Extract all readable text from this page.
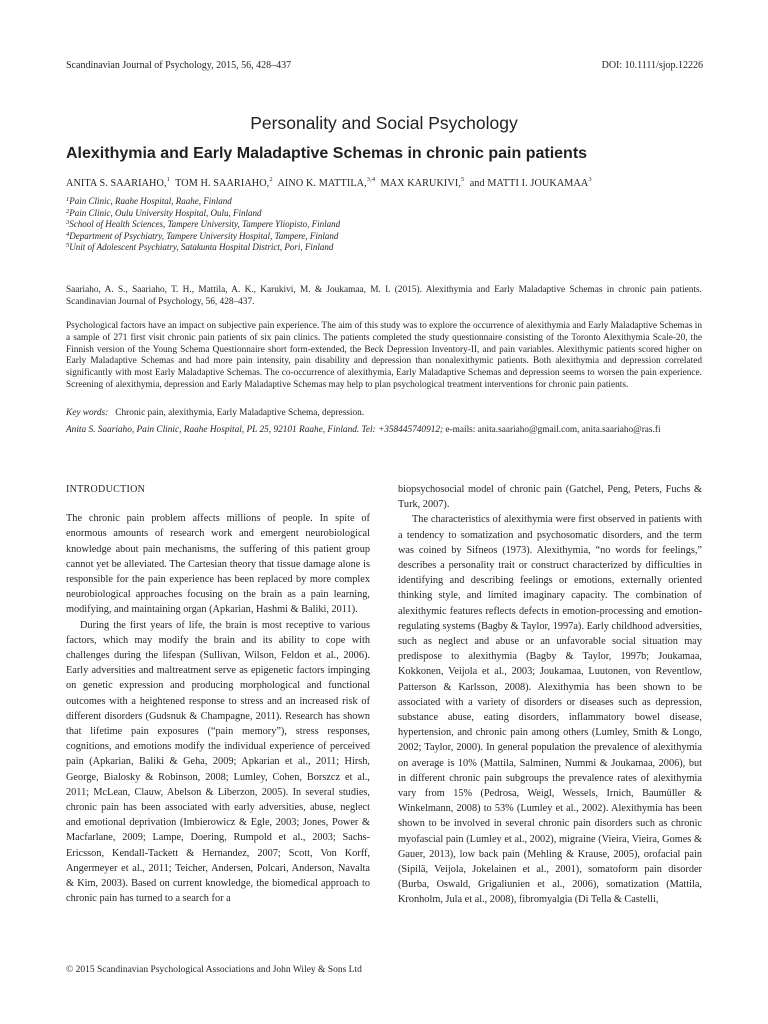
Scandinavian Journal of Psychology, 2015, 56, 428–437	DOI: 10.1111/sjop.12226
Personality and Social Psychology
Alexithymia and Early Maladaptive Schemas in chronic pain patients
ANITA S. SAARIAHO,$^1$ TOM H. SAARIAHO,$^2$ AINO K. MATTILA,$^{3,4}$ MAX KARUKIVI,$^5$ and MATTI I. JOUKAMAA$^3$
$^1$Pain Clinic, Raahe Hospital, Raahe, Finland
$^2$Pain Clinic, Oulu University Hospital, Oulu, Finland
$^3$School of Health Sciences, Tampere University, Tampere Yliopisto, Finland
$^4$Department of Psychiatry, Tampere University Hospital, Tampere, Finland
$^5$Unit of Adolescent Psychiatry, Satakunta Hospital District, Pori, Finland
Saariaho, A. S., Saariaho, T. H., Mattila, A. K., Karukivi, M. & Joukamaa, M. I. (2015). Alexithymia and Early Maladaptive Schemas in chronic pain patients. Scandinavian Journal of Psychology, 56, 428–437.
Psychological factors have an impact on subjective pain experience. The aim of this study was to explore the occurrence of alexithymia and Early Maladaptive Schemas in a sample of 271 first visit chronic pain patients of six pain clinics. The patients completed the study questionnaire consisting of the Toronto Alexithymia Scale-20, the Finnish version of the Young Schema Questionnaire short form-extended, the Beck Depression Inventory-II, and pain variables. Alexithymic patients scored higher on Early Maladaptive Schemas and had more pain intensity, pain disability and depression than nonalexithymic patients. Both alexithymia and depression correlated significantly with most Early Maladaptive Schemas. The co-occurrence of alexithymia, Early Maladaptive Schemas and depression seems to worsen the pain experience. Screening of alexithymia, depression and Early Maladaptive Schemas may help to plan psychological treatment interventions for chronic pain patients.
Key words: Chronic pain, alexithymia, Early Maladaptive Schema, depression.
Anita S. Saariaho, Pain Clinic, Raahe Hospital, PL 25, 92101 Raahe, Finland. Tel: +358445740912; e-mails: anita.saariaho@gmail.com, anita.saariaho@ras.fi
INTRODUCTION

The chronic pain problem affects millions of people. In spite of enormous amounts of research work and emergent neurobiological knowledge about pain mechanisms, the suffering of this patient group cannot yet be alleviated. The Cartesian theory that tissue damage alone is responsible for the pain experience has been replaced by more complex neurobiological approaches focusing on the brain as a pain learning, modifying, and maintaining organ (Apkarian, Hashmi & Baliki, 2011).

During the first years of life, the brain is most receptive to various factors, which may modify the brain and its ability to cope with challenges during the lifespan (Sullivan, Wilson, Feldon et al., 2006). Early adversities and maltreatment serve as epigenetic factors impinging on genetic expression and producing morphological and functional outcomes with a heightened response to stress and an increased risk of different disorders (Gudsnuk & Champagne, 2011). Research has shown that lifetime pain exposures (“pain memory”), stress responses, cognitions, and emotions modify the individual experience of perceived pain (Apkarian, Baliki & Geha, 2009; Apkarian et al., 2011; Hirsh, George, Bialosky & Robinson, 2008; Lumley, Cohen, Borszcz et al., 2011; McLean, Clauw, Abelson & Liberzon, 2005). In several studies, chronic pain has been associated with early adversities, abuse, neglect and emotional deprivation (Imbierowicz & Egle, 2003; Jones, Power & Macfarlane, 2009; Lampe, Doering, Rumpold et al., 2003; Sachs-Ericsson, Kendall-Tackett & Hernandez, 2007; Scott, Von Korff, Angermeyer et al., 2011; Teicher, Andersen, Polcari, Anderson, Navalta & Kim, 2003). Based on current knowledge, the biomedical approach to chronic pain has turned to a search for a

biopsychosocial model of chronic pain (Gatchel, Peng, Peters, Fuchs & Turk, 2007).

The characteristics of alexithymia were first observed in patients with a tendency to somatization and psychosomatic disorders, and the term was coined by Sifneos (1973). Alexithymia, “no words for feelings,” describes a personality trait or construct characterized by difficulties in identifying and describing feelings or emotions, externally oriented thinking style, and limited imaginary capacity. The combination of alexithymic features reflects defects in emotion-processing and emotion-regulating systems (Bagby & Taylor, 1997a). Early childhood adversities, such as neglect and abuse or an unfavorable social situation may predispose to alexithymia (Bagby & Taylor, 1997b; Joukamaa, Kokkonen, Veijola et al., 2003; Joukamaa, Luutonen, von Reventlow, Patterson & Karlsson, 2008). Alexithymia has been shown to be associated with a variety of disorders or diseases such as depression, substance abuse, eating disorders, inflammatory bowel disease, hypertension, and chronic pain among others (Lumley, Smith & Longo, 2002; Taylor, 2000). In general population the prevalence of alexithymia on average is 10% (Mattila, Salminen, Nummi & Joukamaa, 2006), but in different chronic pain subgroups the prevalence rates of alexithymia vary from 15% (Pedrosa, Weigl, Wessels, Irnich, Baumüller & Winkelmann, 2008) to 53% (Lumley et al., 2002). Alexithymia has been shown to be involved in several chronic pain disorders such as chronic myofascial pain (Lumley et al., 2002), migraine (Vieira, Vieira, Gomes & Gauer, 2013), low back pain (Mehling & Krause, 2005), orofacial pain (Sipilä, Veijola, Jokelainen et al., 2001), somatoform pain disorder (Burba, Oswald, Grigaliunien et al., 2006), somatization (Mattila, Kronholm, Jula et al., 2008), fibromyalgia (Di Tella & Castelli,

© 2015 Scandinavian Psychological Associations and John Wiley & Sons Ltd
